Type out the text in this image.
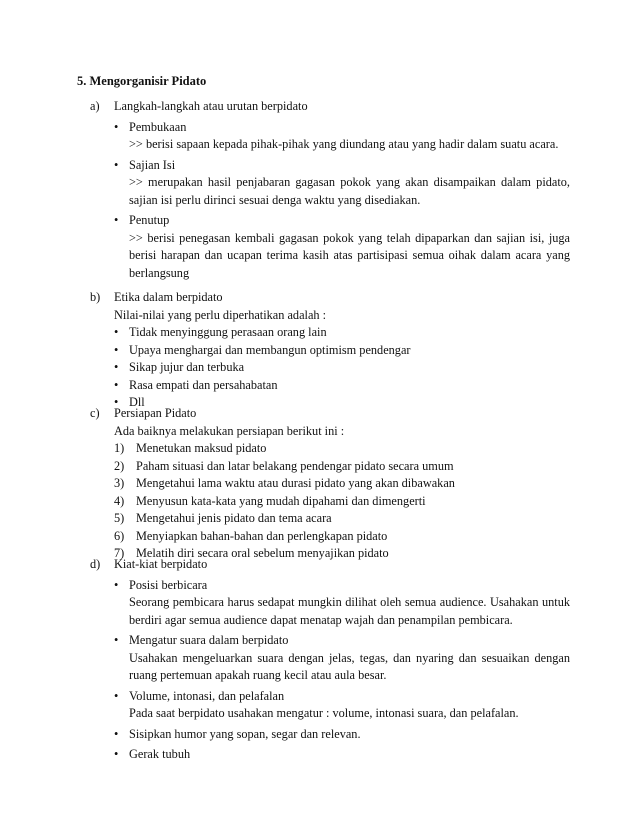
5. Mengorganisir Pidato
a)	Langkah-langkah atau urutan berpidato
• Pembukaan
>> berisi sapaan kepada pihak-pihak yang diundang atau yang hadir dalam suatu acara.
• Sajian Isi
>> merupakan hasil penjabaran gagasan pokok yang akan disampaikan dalam pidato, sajian isi perlu dirinci sesuai denga waktu yang disediakan.
• Penutup
>> berisi penegasan kembali gagasan pokok yang telah dipaparkan dan sajian isi, juga berisi harapan dan ucapan terima kasih atas partisipasi semua oihak dalam acara yang berlangsung
b)	Etika dalam berpidato
Nilai-nilai yang perlu diperhatikan adalah :
• Tidak menyinggung perasaan orang lain
• Upaya menghargai dan membangun optimism pendengar
• Sikap jujur dan terbuka
• Rasa empati dan persahabatan
• Dll
c)	Persiapan Pidato
Ada baiknya melakukan persiapan berikut ini :
1) Menetukan maksud pidato
2) Paham situasi dan latar belakang pendengar pidato secara umum
3) Mengetahui lama waktu atau durasi pidato yang akan dibawakan
4) Menyusun kata-kata yang mudah dipahami dan dimengerti
5) Mengetahui jenis pidato dan tema acara
6) Menyiapkan bahan-bahan dan perlengkapan pidato
7) Melatih diri secara oral sebelum menyajikan pidato
d)	Kiat-kiat berpidato
• Posisi berbicara
Seorang pembicara harus sedapat mungkin dilihat oleh semua audience. Usahakan untuk berdiri agar semua audience dapat menatap wajah dan penampilan pembicara.
• Mengatur suara dalam berpidato
Usahakan mengeluarkan suara dengan jelas, tegas, dan nyaring dan sesuaikan dengan ruang pertemuan apakah ruang kecil atau aula besar.
• Volume, intonasi, dan pelafalan
Pada saat berpidato usahakan mengatur : volume, intonasi suara, dan pelafalan.
• Sisipkan humor yang sopan, segar dan relevan.
• Gerak tubuh
